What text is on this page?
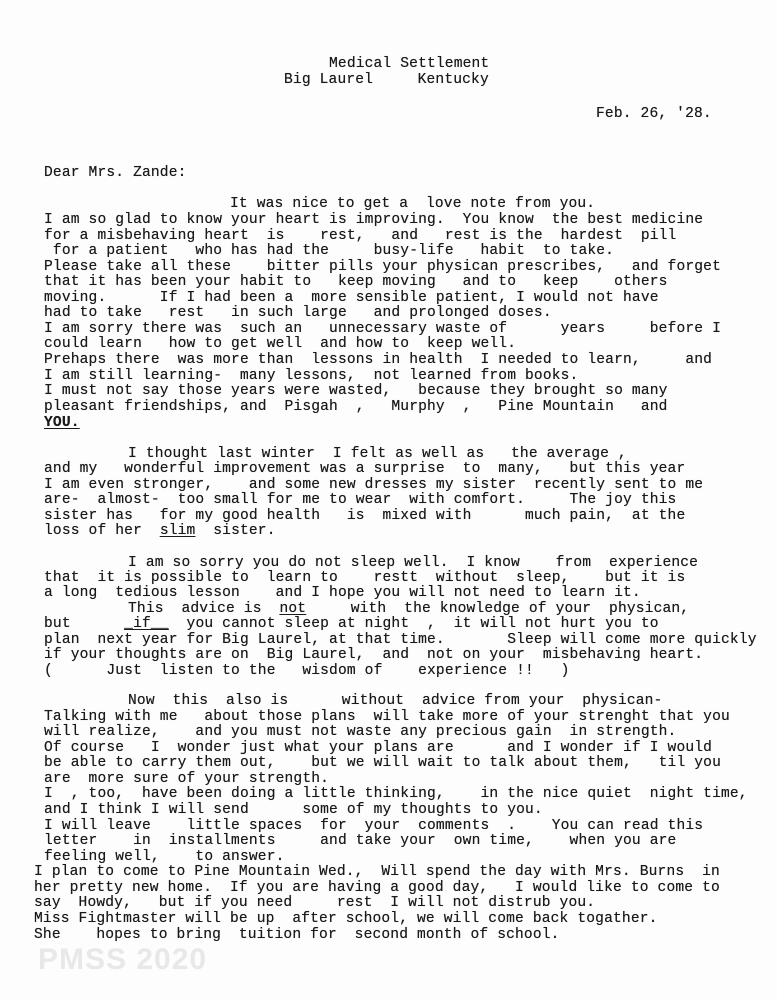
Medical Settlement
Big Laurel     Kentucky
Feb. 26, '28.
Dear Mrs. Zande:
It was nice to get a  love note from you.
I am so glad to know your heart is improving.  You know  the best medicine
for a misbehaving heart  is    rest,   and   rest is the  hardest  pill
for a patient   who has had the     busy-life   habit  to take.
Please take all these    bitter pills your physican prescribes,   and forget
that it has been your habit to   keep moving   and to   keep    others
moving.      If I had been a  more sensible patient, I would not have
had to take   rest   in such large   and prolonged doses.
I am sorry there was  such an   unnecessary waste of      years     before I
could learn   how to get well  and how to  keep well.
Prehaps there  was more than  lessons in health  I needed to learn,     and
I am still learning-  many lessons,  not learned from books.
I must not say those years were wasted,   because they brought so many
pleasant friendships, and  Pisgah  ,   Murphy  ,   Pine Mountain   and
YOU.
I thought last winter  I felt as well as   the average ,
and my   wonderful improvement was a surprise  to  many,   but this year
I am even stronger,    and some new dresses my sister  recently sent to me
are-  almost-  too small for me to wear  with comfort.     The joy this
sister has   for my good health   is  mixed with      much pain,  at the
loss of her  slim  sister.
I am so sorry you do not sleep well.  I know    from  experience
that  it is possible to  learn to    restt  without  sleep,    but it is
a long  tedious lesson    and I hope you will not need to learn it.
This  advice is  not     with  the knowledge of your  physican,
but      _if__  you cannot sleep at night  ,  it will not hurt you to
plan  next year for Big Laurel, at that time.       Sleep will come more quickly
if your thoughts are on  Big Laurel,  and  not on your  misbehaving heart.
(      Just  listen to the   wisdom of    experience !!   )
Now  this  also is      without  advice from your  physican-
Talking with me   about those plans  will take more of your strenght that you
will realize,    and you must not waste any precious gain  in strength.
Of course   I  wonder just what your plans are      and I wonder if I would
be able to carry them out,    but we will wait to talk about them,   til you
are  more sure of your strength.
I  , too,  have been doing a little thinking,    in the nice quiet  night time,
and I think I will send      some of my thoughts to you.
I will leave    little spaces  for  your  comments  .    You can read this
letter    in  installments     and take your  own time,    when you are
feeling well,    to answer.
I plan to come to Pine Mountain Wed.,  Will spend the day with Mrs. Burns  in
her pretty new home.  If you are having a good day,   I would like to come to
say  Howdy,   but if you need     rest  I will not distrub you.
Miss Fightmaster will be up  after school, we will come back togather.
She    hopes to bring  tuition for  second month of school.
PMSS 2020
